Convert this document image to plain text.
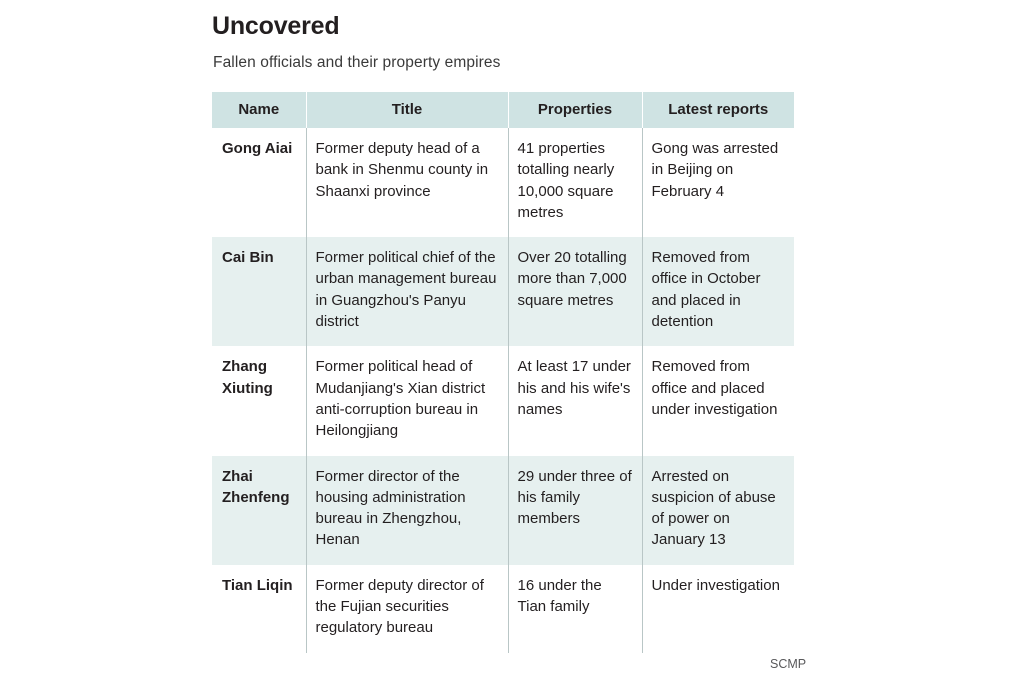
Uncovered
Fallen officials and their property empires
Name	Title	Properties	Latest reports
Gong Aiai	Former deputy head of a bank in Shenmu county in Shaanxi province	41 properties totalling nearly 10,000 square metres	Gong was arrested in Beijing on February 4
Cai Bin	Former political chief of the urban management bureau in Guangzhou's Panyu district	Over 20 totalling more than 7,000 square metres	Removed from office in October and placed in detention
Zhang Xiuting	Former political head of Mudanjiang's Xian district anti-corruption bureau in Heilongjiang	At least 17 under his and his wife's names	Removed from office and placed under investigation
Zhai Zhenfeng	Former director of the housing administration bureau in Zhengzhou, Henan	29 under three of his family members	Arrested on suspicion of abuse of power on January 13
Tian Liqin	Former deputy director of the Fujian securities regulatory bureau	16 under the Tian family	Under investigation
SCMP
